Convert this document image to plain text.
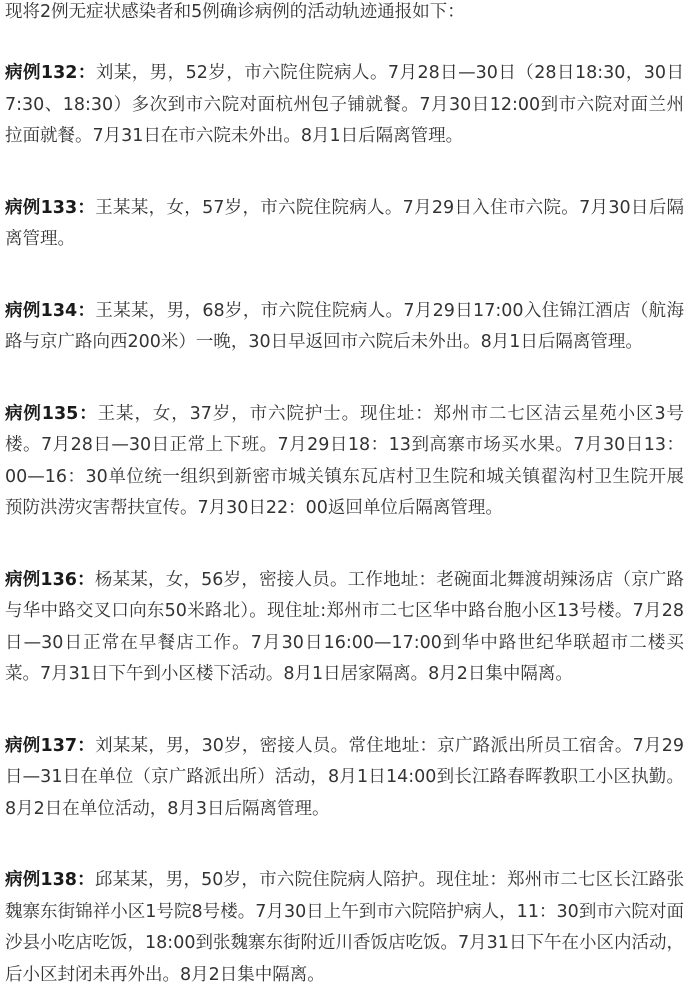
现将2例无症状感染者和5例确诊病例的活动轨迹通报如下：

病例132：刘某，男，52岁，市六院住院病人。7月28日—30日（28日18:30，30日7:30、18:30）多次到市六院对面杭州包子铺就餐。7月30日12:00到市六院对面兰州拉面就餐。7月31日在市六院未外出。8月1日后隔离管理。

病例133：王某某，女，57岁，市六院住院病人。7月29日入住市六院。7月30日后隔离管理。

病例134：王某某，男，68岁，市六院住院病人。7月29日17:00入住锦江酒店（航海路与京广路向西200米）一晚，30日早返回市六院后未外出。8月1日后隔离管理。

病例135：王某，女，37岁，市六院护士。现住址：郑州市二七区洁云星苑小区3号楼。7月28日—30日正常上下班。7月29日18：13到高寨市场买水果。7月30日13：00—16：30单位统一组织到新密市城关镇东瓦店村卫生院和城关镇翟沟村卫生院开展预防洪涝灾害帮扶宣传。7月30日22：00返回单位后隔离管理。

病例136：杨某某，女，56岁，密接人员。工作地址：老碗面北舞渡胡辣汤店（京广路与华中路交叉口向东50米路北）。现住址:郑州市二七区华中路台胞小区13号楼。7月28日—30日正常在早餐店工作。7月30日16:00—17:00到华中路世纪华联超市二楼买菜。7月31日下午到小区楼下活动。8月1日居家隔离。8月2日集中隔离。

病例137：刘某某，男，30岁，密接人员。常住地址：京广路派出所员工宿舍。7月29日—31日在单位（京广路派出所）活动，8月1日14:00到长江路春晖教职工小区执勤。8月2日在单位活动，8月3日后隔离管理。

病例138：邱某某，男，50岁，市六院住院病人陪护。现住址：郑州市二七区长江路张魏寨东街锦祥小区1号院8号楼。7月30日上午到市六院陪护病人，11：30到市六院对面沙县小吃店吃饭，18:00到张魏寨东街附近川香饭店吃饭。7月31日下午在小区内活动，后小区封闭未再外出。8月2日集中隔离。
